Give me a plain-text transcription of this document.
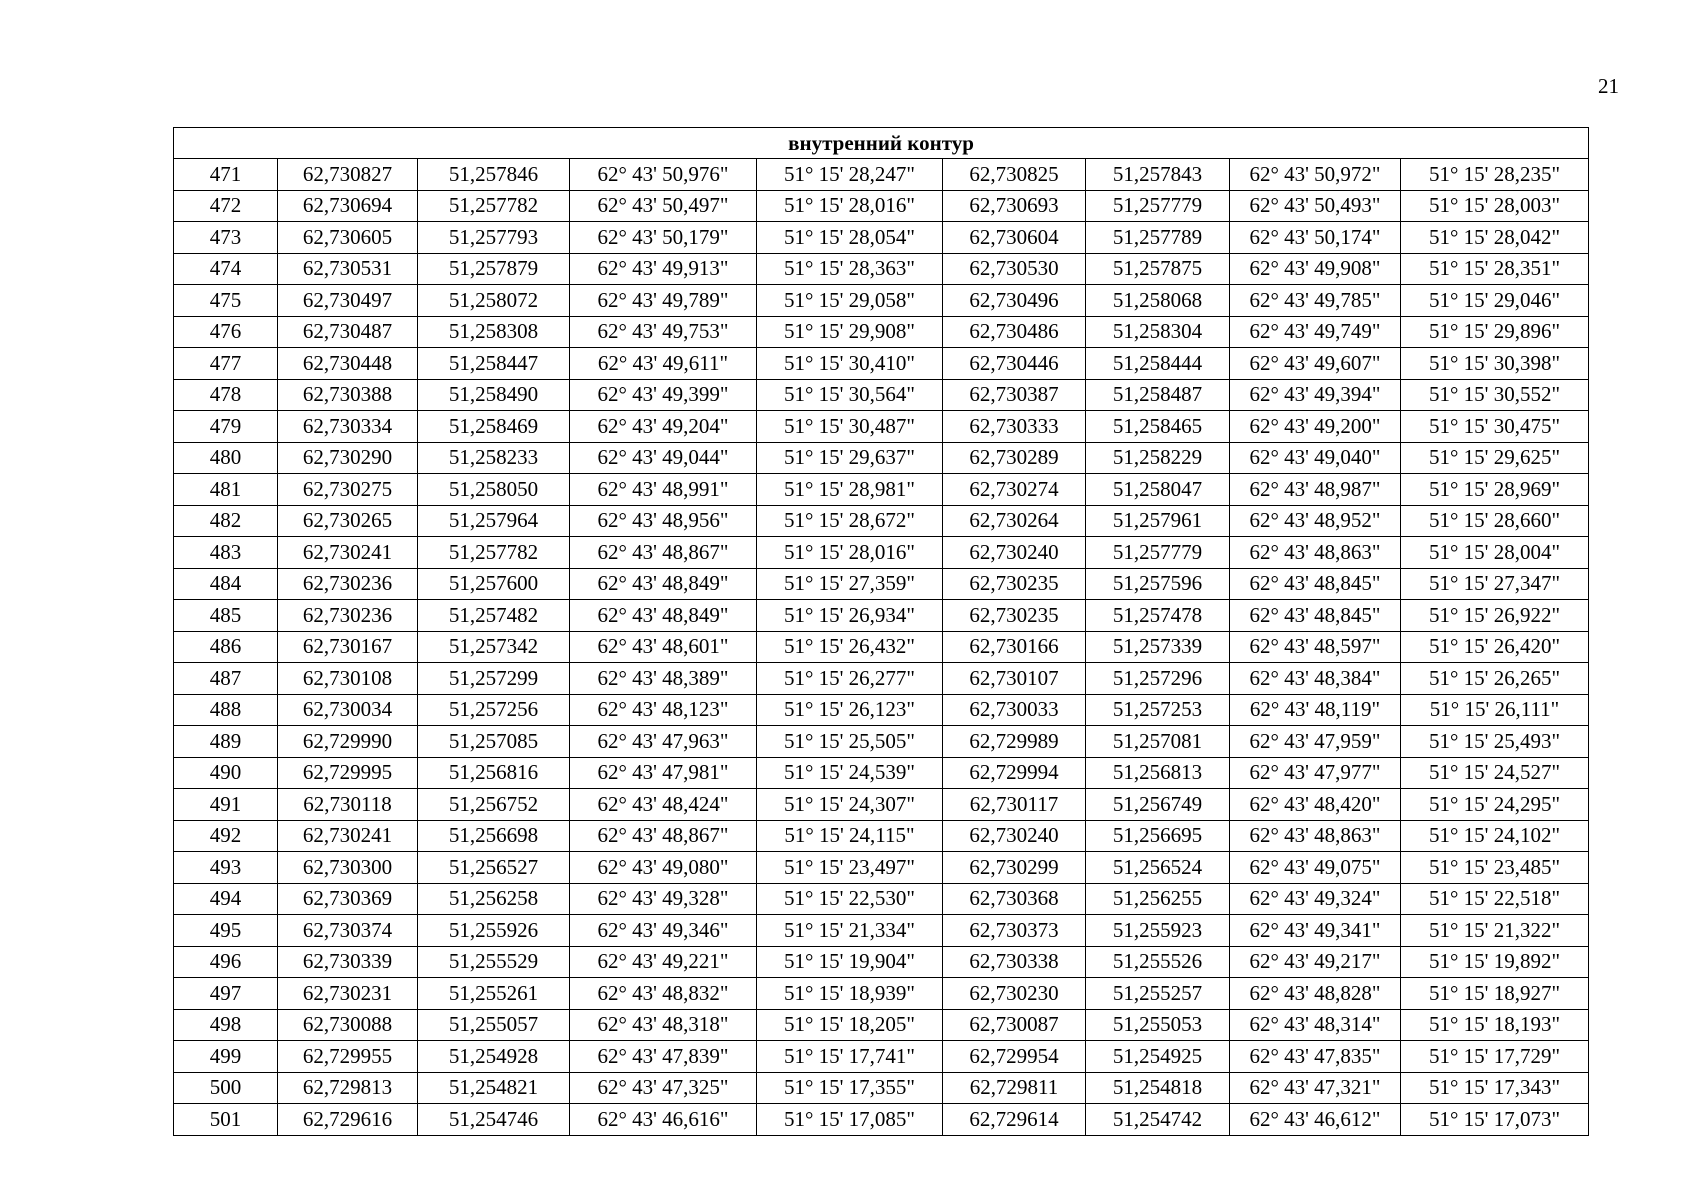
21
внутренний контур								
471	62,730827	51,257846	62° 43' 50,976"	51° 15' 28,247"	62,730825	51,257843	62° 43' 50,972"	51° 15' 28,235"
472	62,730694	51,257782	62° 43' 50,497"	51° 15' 28,016"	62,730693	51,257779	62° 43' 50,493"	51° 15' 28,003"
473	62,730605	51,257793	62° 43' 50,179"	51° 15' 28,054"	62,730604	51,257789	62° 43' 50,174"	51° 15' 28,042"
474	62,730531	51,257879	62° 43' 49,913"	51° 15' 28,363"	62,730530	51,257875	62° 43' 49,908"	51° 15' 28,351"
475	62,730497	51,258072	62° 43' 49,789"	51° 15' 29,058"	62,730496	51,258068	62° 43' 49,785"	51° 15' 29,046"
476	62,730487	51,258308	62° 43' 49,753"	51° 15' 29,908"	62,730486	51,258304	62° 43' 49,749"	51° 15' 29,896"
477	62,730448	51,258447	62° 43' 49,611"	51° 15' 30,410"	62,730446	51,258444	62° 43' 49,607"	51° 15' 30,398"
478	62,730388	51,258490	62° 43' 49,399"	51° 15' 30,564"	62,730387	51,258487	62° 43' 49,394"	51° 15' 30,552"
479	62,730334	51,258469	62° 43' 49,204"	51° 15' 30,487"	62,730333	51,258465	62° 43' 49,200"	51° 15' 30,475"
480	62,730290	51,258233	62° 43' 49,044"	51° 15' 29,637"	62,730289	51,258229	62° 43' 49,040"	51° 15' 29,625"
481	62,730275	51,258050	62° 43' 48,991"	51° 15' 28,981"	62,730274	51,258047	62° 43' 48,987"	51° 15' 28,969"
482	62,730265	51,257964	62° 43' 48,956"	51° 15' 28,672"	62,730264	51,257961	62° 43' 48,952"	51° 15' 28,660"
483	62,730241	51,257782	62° 43' 48,867"	51° 15' 28,016"	62,730240	51,257779	62° 43' 48,863"	51° 15' 28,004"
484	62,730236	51,257600	62° 43' 48,849"	51° 15' 27,359"	62,730235	51,257596	62° 43' 48,845"	51° 15' 27,347"
485	62,730236	51,257482	62° 43' 48,849"	51° 15' 26,934"	62,730235	51,257478	62° 43' 48,845"	51° 15' 26,922"
486	62,730167	51,257342	62° 43' 48,601"	51° 15' 26,432"	62,730166	51,257339	62° 43' 48,597"	51° 15' 26,420"
487	62,730108	51,257299	62° 43' 48,389"	51° 15' 26,277"	62,730107	51,257296	62° 43' 48,384"	51° 15' 26,265"
488	62,730034	51,257256	62° 43' 48,123"	51° 15' 26,123"	62,730033	51,257253	62° 43' 48,119"	51° 15' 26,111"
489	62,729990	51,257085	62° 43' 47,963"	51° 15' 25,505"	62,729989	51,257081	62° 43' 47,959"	51° 15' 25,493"
490	62,729995	51,256816	62° 43' 47,981"	51° 15' 24,539"	62,729994	51,256813	62° 43' 47,977"	51° 15' 24,527"
491	62,730118	51,256752	62° 43' 48,424"	51° 15' 24,307"	62,730117	51,256749	62° 43' 48,420"	51° 15' 24,295"
492	62,730241	51,256698	62° 43' 48,867"	51° 15' 24,115"	62,730240	51,256695	62° 43' 48,863"	51° 15' 24,102"
493	62,730300	51,256527	62° 43' 49,080"	51° 15' 23,497"	62,730299	51,256524	62° 43' 49,075"	51° 15' 23,485"
494	62,730369	51,256258	62° 43' 49,328"	51° 15' 22,530"	62,730368	51,256255	62° 43' 49,324"	51° 15' 22,518"
495	62,730374	51,255926	62° 43' 49,346"	51° 15' 21,334"	62,730373	51,255923	62° 43' 49,341"	51° 15' 21,322"
496	62,730339	51,255529	62° 43' 49,221"	51° 15' 19,904"	62,730338	51,255526	62° 43' 49,217"	51° 15' 19,892"
497	62,730231	51,255261	62° 43' 48,832"	51° 15' 18,939"	62,730230	51,255257	62° 43' 48,828"	51° 15' 18,927"
498	62,730088	51,255057	62° 43' 48,318"	51° 15' 18,205"	62,730087	51,255053	62° 43' 48,314"	51° 15' 18,193"
499	62,729955	51,254928	62° 43' 47,839"	51° 15' 17,741"	62,729954	51,254925	62° 43' 47,835"	51° 15' 17,729"
500	62,729813	51,254821	62° 43' 47,325"	51° 15' 17,355"	62,729811	51,254818	62° 43' 47,321"	51° 15' 17,343"
501	62,729616	51,254746	62° 43' 46,616"	51° 15' 17,085"	62,729614	51,254742	62° 43' 46,612"	51° 15' 17,073"
